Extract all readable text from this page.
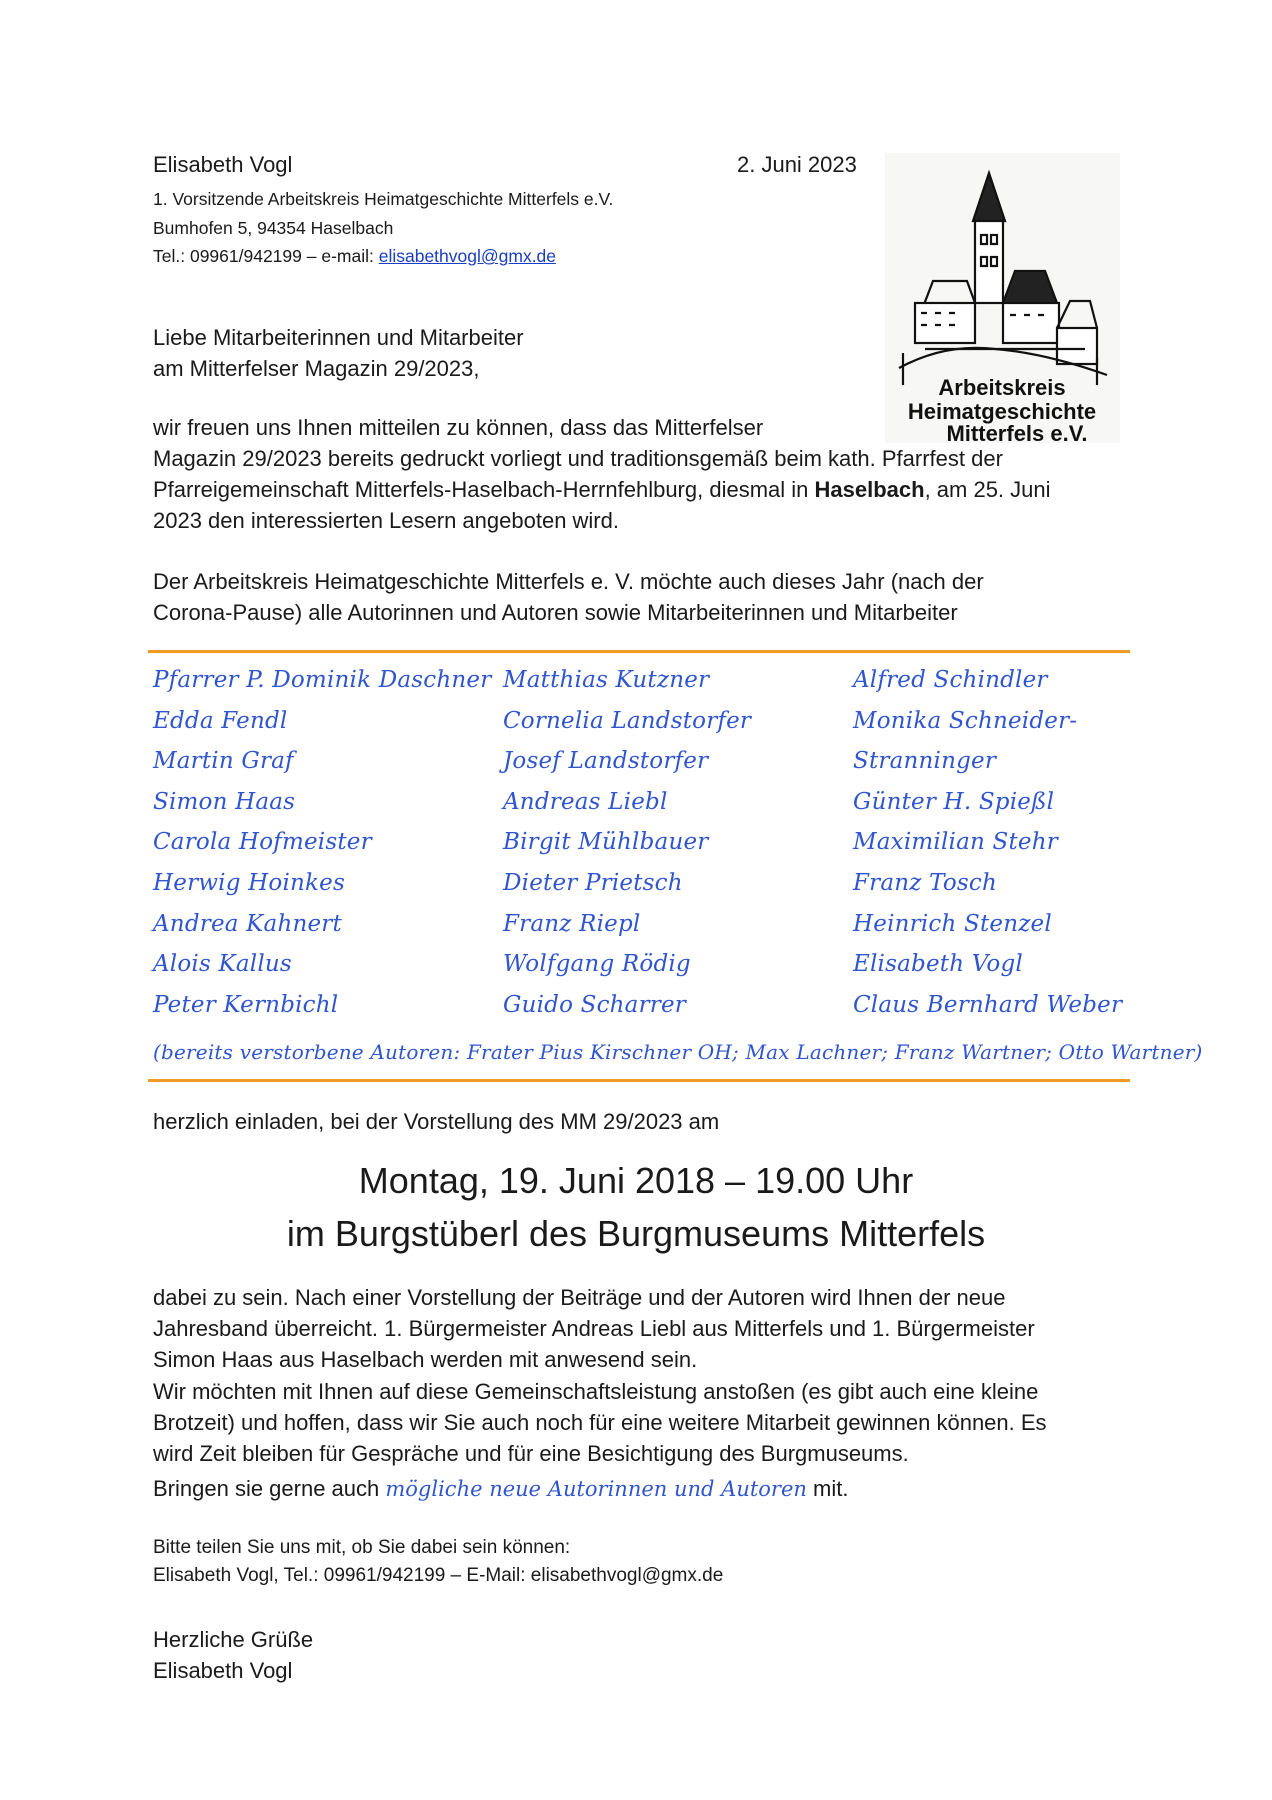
Elisabeth Vogl	2. Juni 2023
1. Vorsitzende Arbeitskreis Heimatgeschichte Mitterfels e.V.
Bumhofen 5, 94354 Haselbach
Tel.: 09961/942199 – e-mail: elisabethvogl@gmx.de
Arbeitskreis
Heimatgeschichte
Mitterfels e.V.
Liebe Mitarbeiterinnen und Mitarbeiter
am Mitterfelser Magazin 29/2023,
wir freuen uns Ihnen mitteilen zu können, dass das Mitterfelser
Magazin 29/2023 bereits gedruckt vorliegt und traditionsgemäß beim kath. Pfarrfest der
Pfarreigemeinschaft Mitterfels-Haselbach-Herrnfehlburg, diesmal in Haselbach, am 25. Juni
2023 den interessierten Lesern angeboten wird.
Der Arbeitskreis Heimatgeschichte Mitterfels e. V. möchte auch dieses Jahr (nach der
Corona-Pause) alle Autorinnen und Autoren sowie Mitarbeiterinnen und Mitarbeiter
Pfarrer P. Dominik Daschner
Edda Fendl
Martin Graf
Simon Haas
Carola Hofmeister
Herwig Hoinkes
Andrea Kahnert
Alois Kallus
Peter Kernbichl
Matthias Kutzner
Cornelia Landstorfer
Josef Landstorfer
Andreas Liebl
Birgit Mühlbauer
Dieter Prietsch
Franz Riepl
Wolfgang Rödig
Guido Scharrer
Alfred Schindler
Monika Schneider-
Stranninger
Günter H. Spießl
Maximilian Stehr
Franz Tosch
Heinrich Stenzel
Elisabeth Vogl
Claus Bernhard Weber
(bereits verstorbene Autoren: Frater Pius Kirschner OH; Max Lachner; Franz Wartner; Otto Wartner)
herzlich einladen, bei der Vorstellung des MM 29/2023 am
Montag, 19. Juni 2018 – 19.00 Uhr
im Burgstüberl des Burgmuseums Mitterfels
dabei zu sein. Nach einer Vorstellung der Beiträge und der Autoren wird Ihnen der neue
Jahresband überreicht. 1. Bürgermeister Andreas Liebl aus Mitterfels und 1. Bürgermeister
Simon Haas aus Haselbach werden mit anwesend sein.
Wir möchten mit Ihnen auf diese Gemeinschaftsleistung anstoßen (es gibt auch eine kleine
Brotzeit) und hoffen, dass wir Sie auch noch für eine weitere Mitarbeit gewinnen können. Es
wird Zeit bleiben für Gespräche und für eine Besichtigung des Burgmuseums.
Bringen sie gerne auch mögliche neue Autorinnen und Autoren mit.
Bitte teilen Sie uns mit, ob Sie dabei sein können:
Elisabeth Vogl, Tel.: 09961/942199 – E-Mail: elisabethvogl@gmx.de
Herzliche Grüße
Elisabeth Vogl
